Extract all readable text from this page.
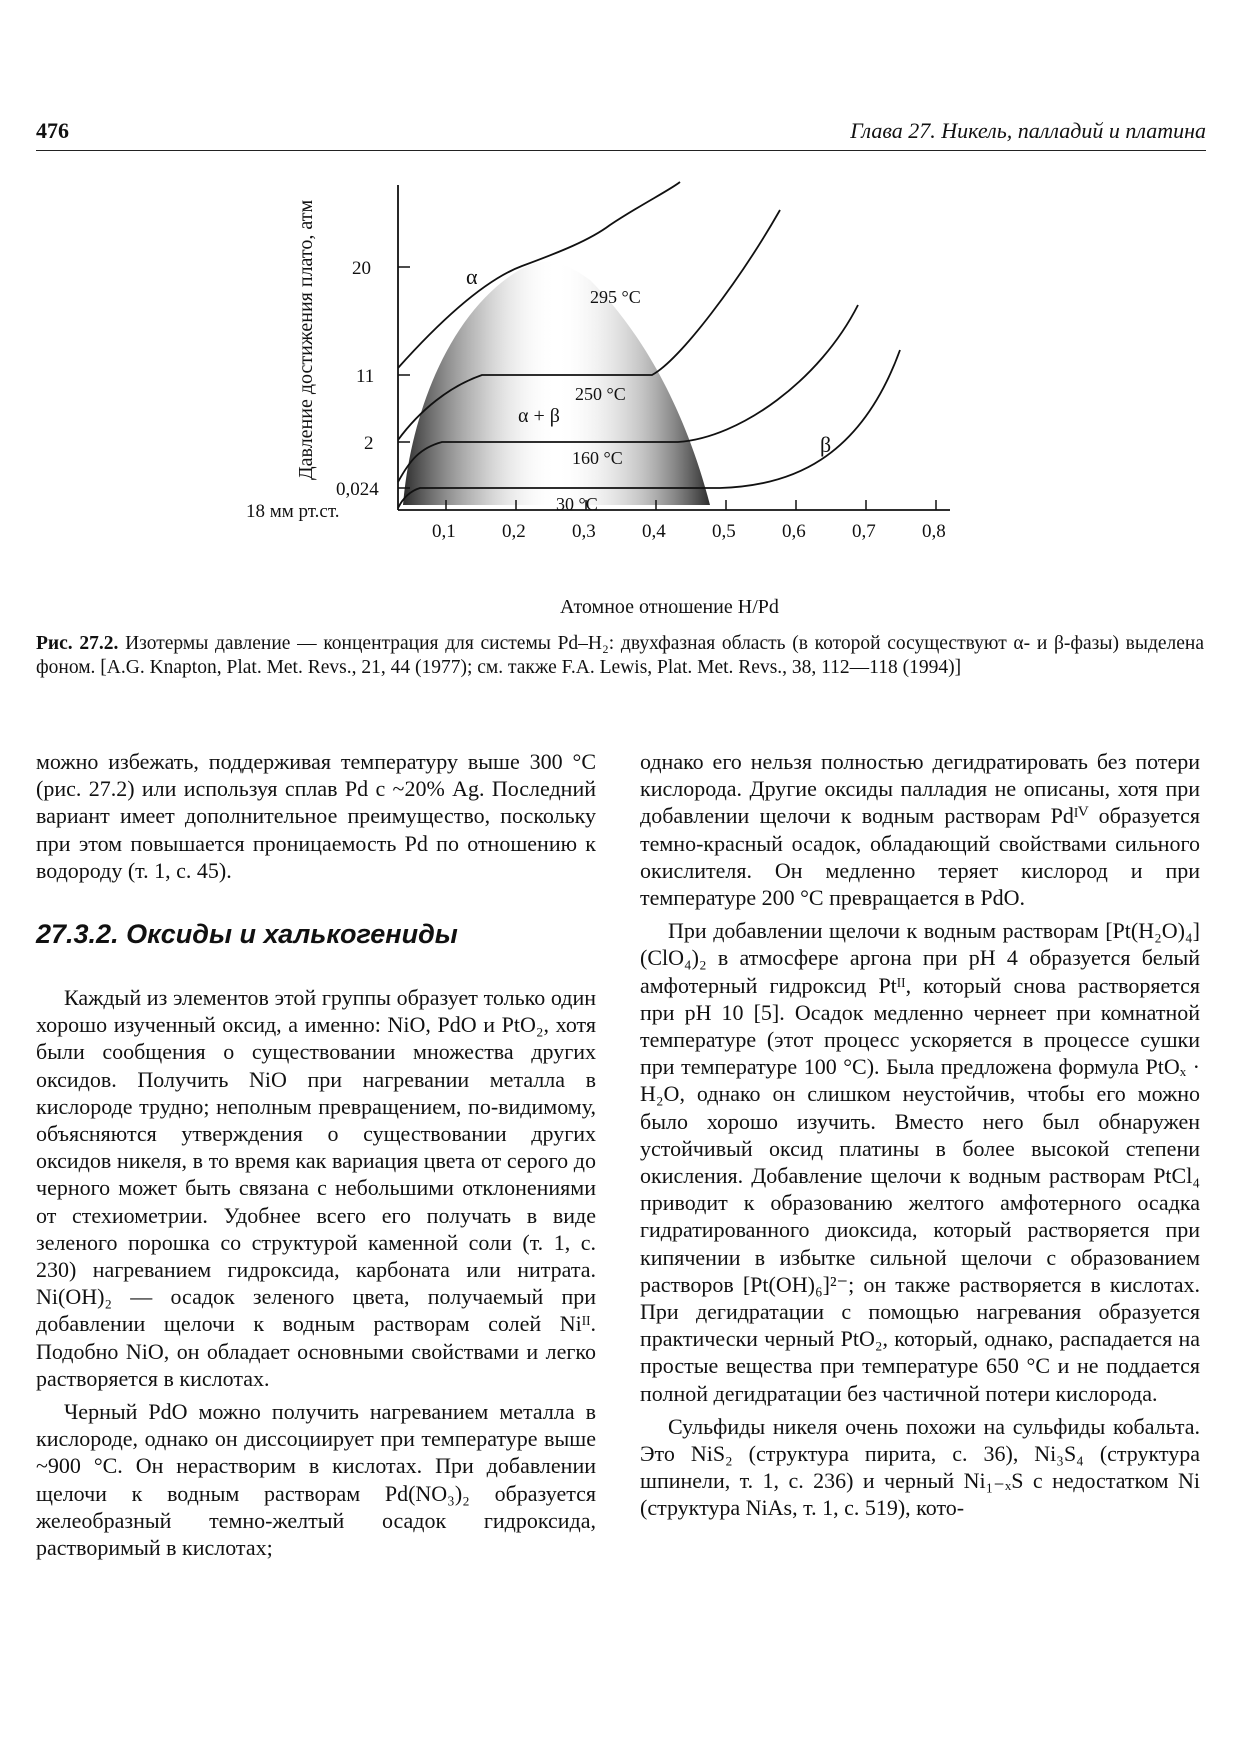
476	Глава 27. Никель, палладий и платина
20
11
2
0,024
18 мм рт.ст.
0,1 0,2 0,3 0,4 0,5 0,6 0,7 0,8
Атомное отношение H/Pd
Давление достижения плато, атм	α
β
α + β
295 °C
250 °C
160 °C
30 °C
Рис. 27.2. Изотермы давление — концентрация для системы Pd–H₂: двухфазная область (в которой сосуществуют α- и β-фазы) выделена фоном. [A.G. Knapton, Plat. Met. Revs., 21, 44 (1977); см. также F.A. Lewis, Plat. Met. Revs., 38, 112—118 (1994)]

можно избежать, поддерживая температуру выше 300 °C (рис. 27.2) или используя сплав Pd с ~20% Ag. Последний вариант имеет дополнительное преимущество, поскольку при этом повышается проницаемость Pd по отношению к водороду (т. 1, с. 45).

27.3.2. Оксиды и халькогениды

Каждый из элементов этой группы образует только один хорошо изученный оксид, а именно: NiO, PdO и PtO₂, хотя были сообщения о существовании множества других оксидов. Получить NiO при нагревании металла в кислороде трудно; неполным превращением, по-видимому, объясняются утверждения о существовании других оксидов никеля, в то время как вариация цвета от серого до черного может быть связана с небольшими отклонениями от стехиометрии. Удобнее всего его получать в виде зеленого порошка со структурой каменной соли (т. 1, с. 230) нагреванием гидроксида, карбоната или нитрата. Ni(OH)₂ — осадок зеленого цвета, получаемый при добавлении щелочи к водным растворам солей Niᴵᴵ. Подобно NiO, он обладает основными свойствами и легко растворяется в кислотах.

Черный PdO можно получить нагреванием металла в кислороде, однако он диссоциирует при температуре выше ~900 °C. Он нерастворим в кислотах. При добавлении щелочи к водным растворам Pd(NO₃)₂ образуется желеобразный темно-желтый осадок гидроксида, растворимый в кислотах;

однако его нельзя полностью дегидратировать без потери кислорода. Другие оксиды палладия не описаны, хотя при добавлении щелочи к водным растворам Pdᴵⱽ образуется темно-красный осадок, обладающий свойствами сильного окислителя. Он медленно теряет кислород и при температуре 200 °C превращается в PdO.

При добавлении щелочи к водным растворам [Pt(H₂O)₄](ClO₄)₂ в атмосфере аргона при pH 4 образуется белый амфотерный гидроксид Ptᴵᴵ, который снова растворяется при pH 10 [5]. Осадок медленно чернеет при комнатной температуре (этот процесс ускоряется в процессе сушки при температуре 100 °C). Была предложена формула PtOₓ · H₂O, однако он слишком неустойчив, чтобы его можно было хорошо изучить. Вместо него был обнаружен устойчивый оксид платины в более высокой степени окисления. Добавление щелочи к водным растворам PtCl₄ приводит к образованию желтого амфотерного осадка гидратированного диоксида, который растворяется при кипячении в избытке сильной щелочи с образованием растворов [Pt(OH)₆]²⁻; он также растворяется в кислотах. При дегидратации с помощью нагревания образуется практически черный PtO₂, который, однако, распадается на простые вещества при температуре 650 °C и не поддается полной дегидратации без частичной потери кислорода.

Сульфиды никеля очень похожи на сульфиды кобальта. Это NiS₂ (структура пирита, с. 36), Ni₃S₄ (структура шпинели, т. 1, с. 236) и черный Ni₁₋ₓS с недостатком Ni (структура NiAs, т. 1, с. 519), кото-
